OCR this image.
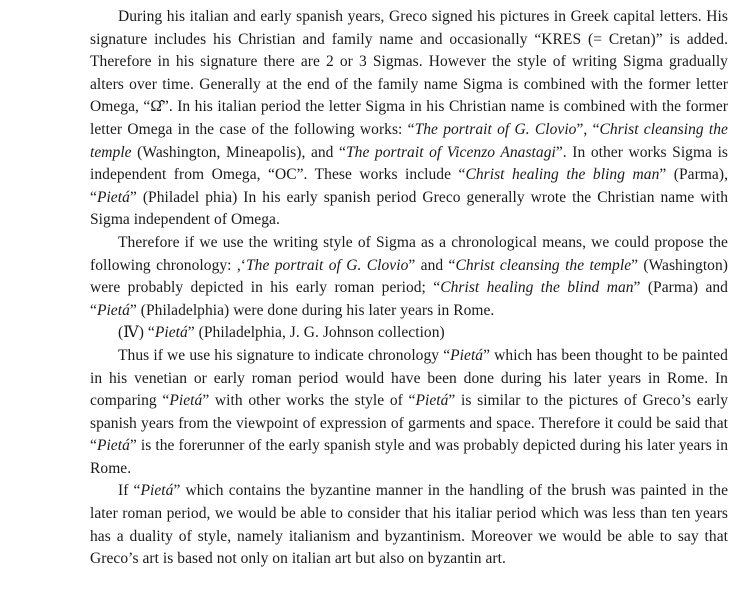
During his italian and early spanish years, Greco signed his pictures in Greek capital letters. His signature includes his Christian and family name and occasionally “KRES (= Cretan)” is added. Therefore in his signature there are 2 or 3 Sigmas. However the style of writing Sigma gradually alters over time. Generally at the end of the family name Sigma is combined with the former letter Omega, “Ω̂”. In his italian period the letter Sigma in his Christian name is combined with the former letter Omega in the case of the following works: “The portrait of G. Clovio”, “Christ cleansing the temple (Washington, Mineapolis), and “The portrait of Vicenzo Anastagi”. In other works Sigma is independent from Omega, “OC”. These works include “Christ healing the bling man” (Parma), “Pietá” (Philadel phia) In his early spanish period Greco generally wrote the Christian name with Sigma independent of Omega.

Therefore if we use the writing style of Sigma as a chronological means, we could propose the following chronology: ,‘The portrait of G. Clovio” and “Christ cleansing the temple” (Washington) were probably depicted in his early roman period; “Christ healing the blind man” (Parma) and “Pietá” (Philadelphia) were done during his later years in Rome.

(Ⅳ) “Pietá” (Philadelphia, J. G. Johnson collection)

Thus if we use his signature to indicate chronology “Pietá” which has been thought to be painted in his venetian or early roman period would have been done during his later years in Rome. In comparing “Pietá” with other works the style of “Pietá” is similar to the pictures of Greco’s early spanish years from the viewpoint of expression of garments and space. Therefore it could be said that “Pietá” is the forerunner of the early spanish style and was probably depicted during his later years in Rome.

If “Pietá” which contains the byzantine manner in the handling of the brush was painted in the later roman period, we would be able to consider that his italiar period which was less than ten years has a duality of style, namely italianism and byzantinism. Moreover we would be able to say that Greco’s art is based not only on italian art but also on byzantin art.
